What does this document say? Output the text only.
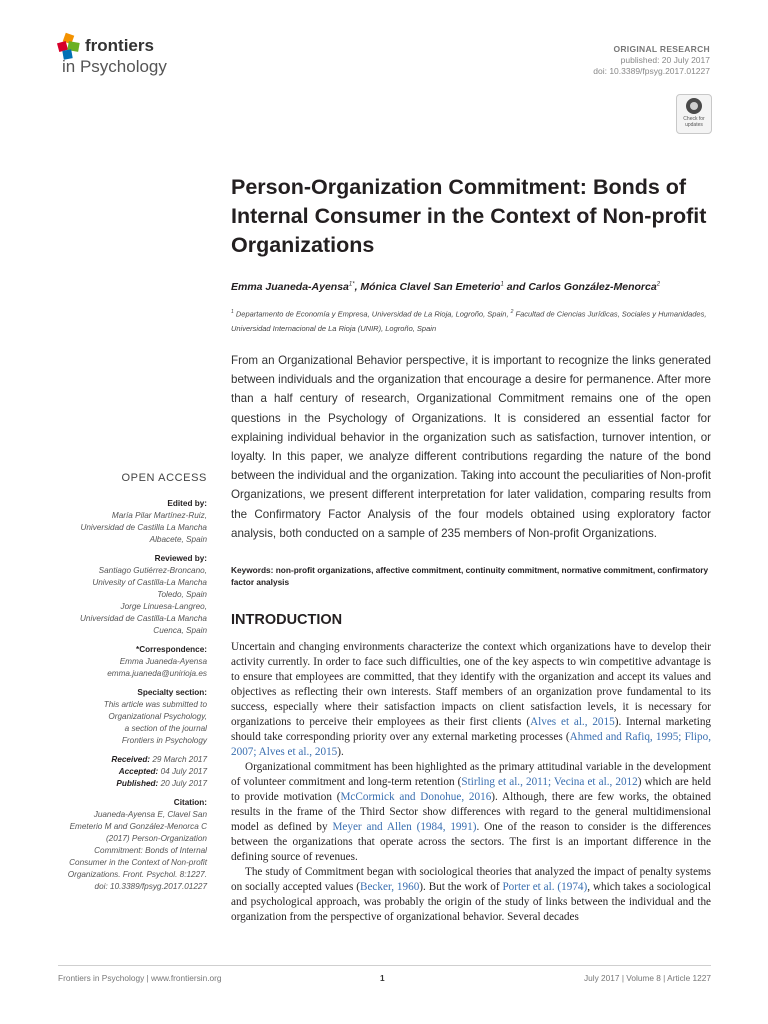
frontiers
in Psychology
ORIGINAL RESEARCH
published: 20 July 2017
doi: 10.3389/fpsyg.2017.01227
Check for updates
Person-Organization Commitment: Bonds of Internal Consumer in the Context of Non-profit Organizations
Emma Juaneda-Ayensa$^{1*}$, Mónica Clavel San Emeterio$^1$ and Carlos González-Menorca$^2$
$^1$ Departamento de Economía y Empresa, Universidad de La Rioja, Logroño, Spain, $^2$ Facultad de Ciencias Jurídicas, Sociales y Humanidades, Universidad Internacional de La Rioja (UNIR), Logroño, Spain
From an Organizational Behavior perspective, it is important to recognize the links generated between individuals and the organization that encourage a desire for permanence. After more than a half century of research, Organizational Commitment remains one of the open questions in the Psychology of Organizations. It is considered an essential factor for explaining individual behavior in the organization such as satisfaction, turnover intention, or loyalty. In this paper, we analyze different contributions regarding the nature of the bond between the individual and the organization. Taking into account the peculiarities of Non-profit Organizations, we present different interpretation for later validation, comparing results from the Confirmatory Factor Analysis of the four models obtained using exploratory factor analysis, both conducted on a sample of 235 members of Non-profit Organizations.
Keywords: non-profit organizations, affective commitment, continuity commitment, normative commitment, confirmatory factor analysis
INTRODUCTION

Uncertain and changing environments characterize the context which organizations have to develop their activity currently. In order to face such difficulties, one of the key aspects to win competitive advantage is to ensure that employees are committed, that they identify with the organization and accept its values and objectives as reflecting their own interests. Staff members of an organization prove fundamental to its success, especially where their satisfaction impacts on client satisfaction levels, it is necessary for organizations to perceive their employees as their first clients (Alves et al., 2015). Internal marketing should take corresponding priority over any external marketing processes (Ahmed and Rafiq, 1995; Flipo, 2007; Alves et al., 2015).

Organizational commitment has been highlighted as the primary attitudinal variable in the development of volunteer commitment and long-term retention (Stirling et al., 2011; Vecina et al., 2012) which are held to provide motivation (McCormick and Donohue, 2016). Although, there are few works, the obtained results in the frame of the Third Sector show differences with regard to the general multidimensional model as defined by Meyer and Allen (1984, 1991). One of the reason to consider is the differences between the organizations that operate across the sectors. The first is an important difference in the defining source of revenues.

The study of Commitment began with sociological theories that analyzed the impact of penalty systems on socially accepted values (Becker, 1960). But the work of Porter et al. (1974), which takes a sociological and psychological approach, was probably the origin of the study of links between the individual and the organization from the perspective of organizational behavior. Several decades

OPEN ACCESS
Edited by:
María Pilar Martínez-Ruiz,
Universidad de Castilla La Mancha
Albacete, Spain
Reviewed by:
Santiago Gutiérrez-Broncano,
Univesity of Castilla-La Mancha
Toledo, Spain
Jorge Linuesa-Langreo,
Universidad de Castilla-La Mancha
Cuenca, Spain
*Correspondence:
Emma Juaneda-Ayensa
emma.juaneda@unirioja.es
Specialty section:
This article was submitted to
Organizational Psychology,
a section of the journal
Frontiers in Psychology
Received: 29 March 2017
Accepted: 04 July 2017
Published: 20 July 2017
Citation:
Juaneda-Ayensa E, Clavel San
Emeterio M and González-Menorca C
(2017) Person-Organization
Commitment: Bonds of Internal
Consumer in the Context of Non-profit
Organizations. Front. Psychol. 8:1227.
doi: 10.3389/fpsyg.2017.01227
Frontiers in Psychology | www.frontiersin.org	1	July 2017 | Volume 8 | Article 1227
